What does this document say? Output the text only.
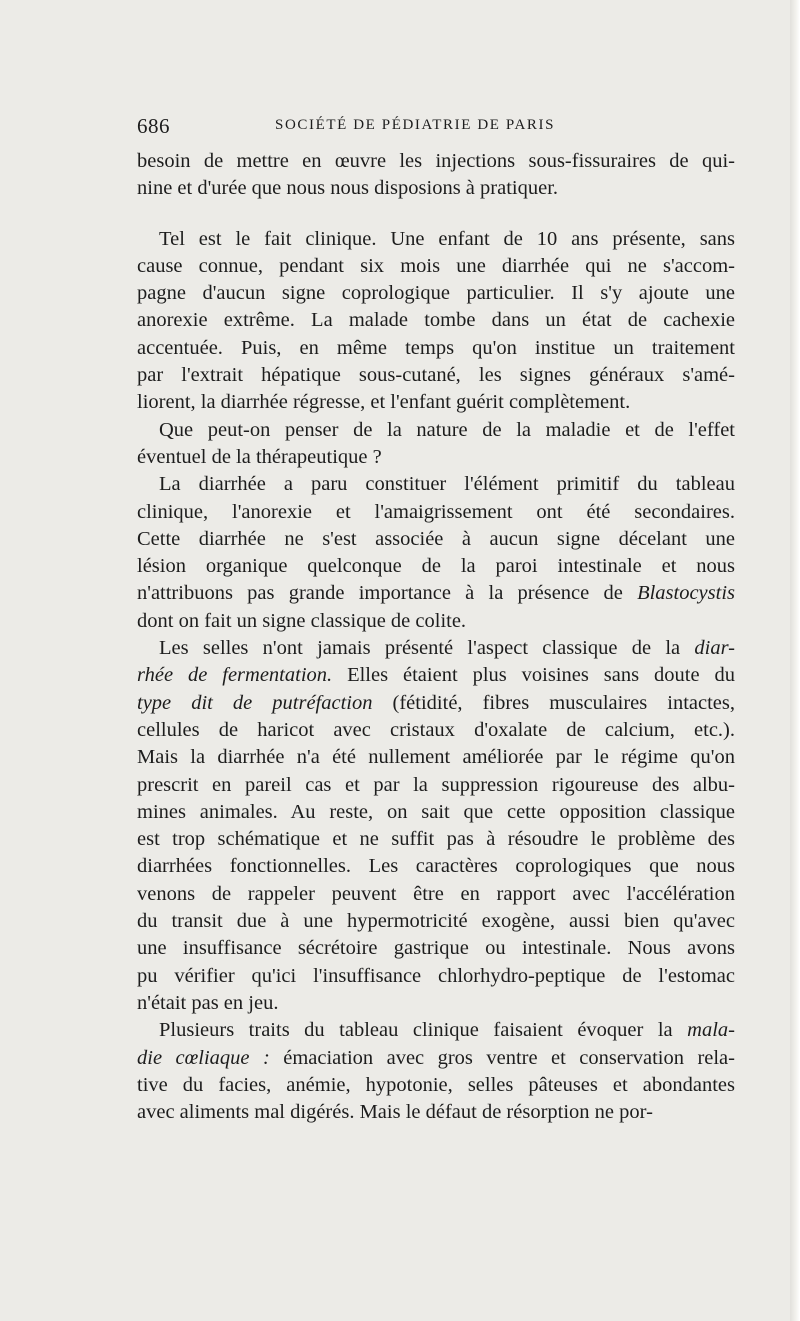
686	SOCIÉTÉ DE PÉDIATRIE DE PARIS
besoin de mettre en œuvre les injections sous-fissuraires de qui-
nine et d'urée que nous nous disposions à pratiquer.
Tel est le fait clinique. Une enfant de 10 ans présente, sans
cause connue, pendant six mois une diarrhée qui ne s'accom-
pagne d'aucun signe coprologique particulier. Il s'y ajoute une
anorexie extrême. La malade tombe dans un état de cachexie
accentuée. Puis, en même temps qu'on institue un traitement
par l'extrait hépatique sous-cutané, les signes généraux s'amé-
liorent, la diarrhée régresse, et l'enfant guérit complètement.
Que peut-on penser de la nature de la maladie et de l'effet
éventuel de la thérapeutique ?
La diarrhée a paru constituer l'élément primitif du tableau
clinique, l'anorexie et l'amaigrissement ont été secondaires.
Cette diarrhée ne s'est associée à aucun signe décelant une
lésion organique quelconque de la paroi intestinale et nous
n'attribuons pas grande importance à la présence de Blastocystis
dont on fait un signe classique de colite.
Les selles n'ont jamais présenté l'aspect classique de la diar-
rhée de fermentation. Elles étaient plus voisines sans doute du
type dit de putréfaction (fétidité, fibres musculaires intactes,
cellules de haricot avec cristaux d'oxalate de calcium, etc.).
Mais la diarrhée n'a été nullement améliorée par le régime qu'on
prescrit en pareil cas et par la suppression rigoureuse des albu-
mines animales. Au reste, on sait que cette opposition classique
est trop schématique et ne suffit pas à résoudre le problème des
diarrhées fonctionnelles. Les caractères coprologiques que nous
venons de rappeler peuvent être en rapport avec l'accélération
du transit due à une hypermotricité exogène, aussi bien qu'avec
une insuffisance sécrétoire gastrique ou intestinale. Nous avons
pu vérifier qu'ici l'insuffisance chlorhydro-peptique de l'estomac
n'était pas en jeu.
Plusieurs traits du tableau clinique faisaient évoquer la mala-
die cœliaque : émaciation avec gros ventre et conservation rela-
tive du facies, anémie, hypotonie, selles pâteuses et abondantes
avec aliments mal digérés. Mais le défaut de résorption ne por-
